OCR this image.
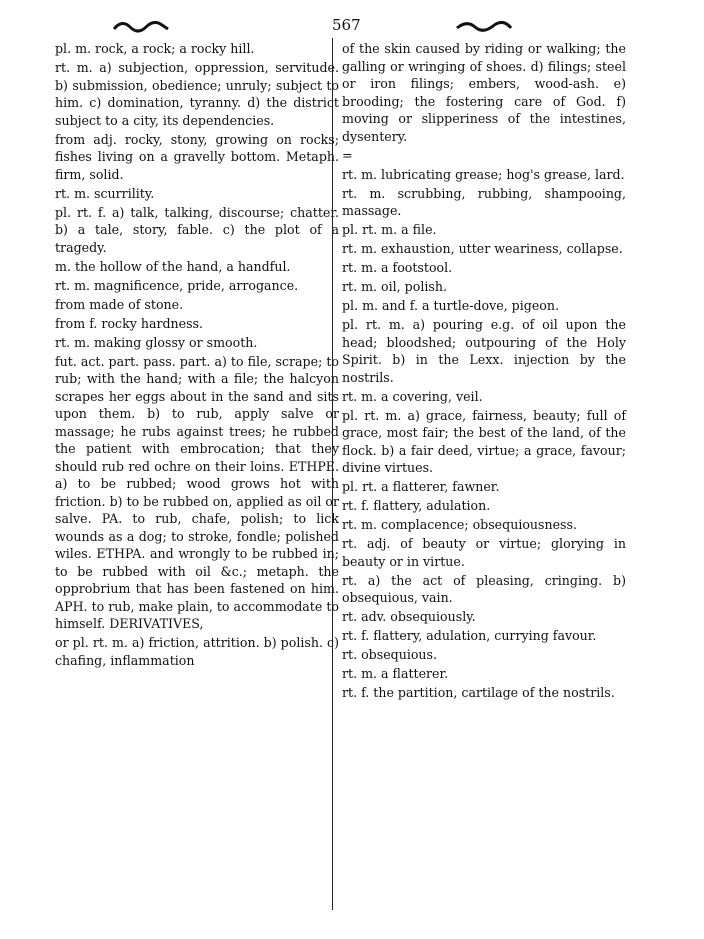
567

pl. m. rock, a rock; a rocky hill.

rt. m. a) subjection, oppression, servitude. b) submission, obedience; unruly; subject to him. c) domination, tyranny. d) the district subject to a city, its dependencies.

from adj. rocky, stony, growing on rocks; fishes living on a gravelly bottom. Metaph. firm, solid.

rt. m. scurrility.

pl. rt. f. a) talk, talking, discourse; chatter. b) a tale, story, fable. c) the plot of a tragedy.

m. the hollow of the hand, a handful.

rt. m. magnificence, pride, arrogance.

from made of stone.

from f. rocky hardness.

rt. m. making glossy or smooth.

fut. act. part. pass. part. a) to file, scrape; to rub; with the hand; with a file; the halcyon scrapes her eggs about in the sand and sits upon them. b) to rub, apply salve or massage; he rubs against trees; he rubbed the patient with embrocation; that they should rub red ochre on their loins. ETHPE. a) to be rubbed; wood grows hot with friction. b) to be rubbed on, applied as oil or salve. PA. to rub, chafe, polish; to lick wounds as a dog; to stroke, fondle; polished wiles. ETHPA. and wrongly to be rubbed in; to be rubbed with oil &c.; metaph. the opprobrium that has been fastened on him. APH. to rub, make plain, to accommodate to himself. DERIVATIVES,

or pl. rt. m. a) friction, attrition. b) polish. c) chafing, inflammation

of the skin caused by riding or walking; the galling or wringing of shoes. d) filings; steel or iron filings; embers, wood-ash. e) brooding; the fostering care of God. f) moving or slipperiness of the intestines, dysentery.

=

rt. m. lubricating grease; hog's grease, lard.

rt. m. scrubbing, rubbing, shampooing, massage.

pl. rt. m. a file.

rt. m. exhaustion, utter weariness, collapse.

rt. m. a footstool.

rt. m. oil, polish.

pl. m. and f. a turtle-dove, pigeon.

pl. rt. m. a) pouring e.g. of oil upon the head; bloodshed; outpouring of the Holy Spirit. b) in the Lexx. injection by the nostrils.

rt. m. a covering, veil.

pl. rt. m. a) grace, fairness, beauty; full of grace, most fair; the best of the land, of the flock. b) a fair deed, virtue; a grace, favour; divine virtues.

pl. rt. a flatterer, fawner.

rt. f. flattery, adulation.

rt. m. complacence; obsequiousness.

rt. adj. of beauty or virtue; glorying in beauty or in virtue.

rt. a) the act of pleasing, cringing. b) obsequious, vain.

rt. adv. obsequiously.

rt. f. flattery, adulation, currying favour.

rt. obsequious.

rt. m. a flatterer.

rt. f. the partition, cartilage of the nostrils.
